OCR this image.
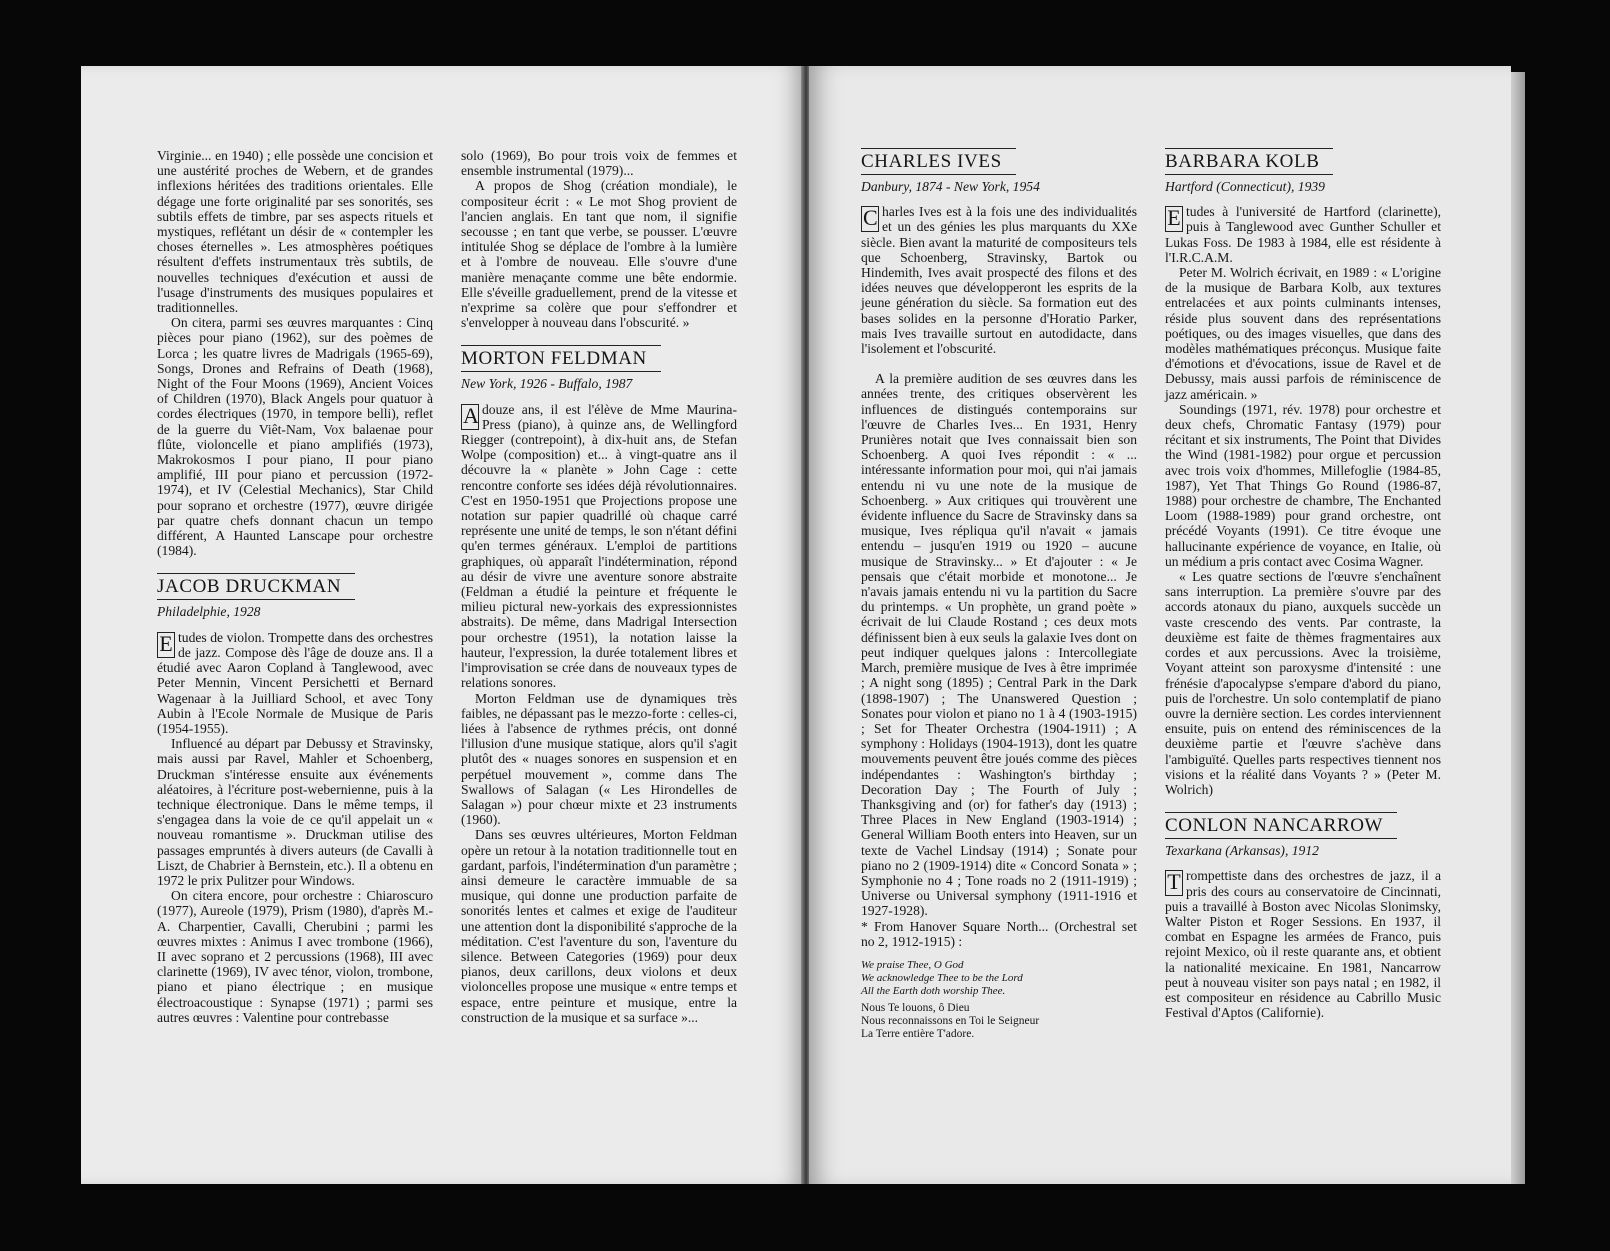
Virginie... en 1940) ; elle possède une concision et une austérité proches de Webern, et de grandes inflexions héritées des traditions orientales. Elle dégage une forte originalité par ses sonorités, ses subtils effets de timbre, par ses aspects rituels et mystiques, reflétant un désir de « contempler les choses éternelles ». Les atmosphères poétiques résultent d'effets instrumentaux très subtils, de nouvelles techniques d'exécution et aussi de l'usage d'instruments des musiques populaires et traditionnelles.

On citera, parmi ses œuvres marquantes : Cinq pièces pour piano (1962), sur des poèmes de Lorca ; les quatre livres de Madrigals (1965-69), Songs, Drones and Refrains of Death (1968), Night of the Four Moons (1969), Ancient Voices of Children (1970), Black Angels pour quatuor à cordes électriques (1970, in tempore belli), reflet de la guerre du Viêt-Nam, Vox balaenae pour flûte, violoncelle et piano amplifiés (1973), Makrokosmos I pour piano, II pour piano amplifié, III pour piano et percussion (1972-1974), et IV (Celestial Mechanics), Star Child pour soprano et orchestre (1977), œuvre dirigée par quatre chefs donnant chacun un tempo différent, A Haunted Lanscape pour orchestre (1984).

JACOB DRUCKMAN
Philadelphie, 1928
E tudes de violon. Trompette dans des orchestres de jazz. Compose dès l'âge de douze ans. Il a étudié avec Aaron Copland à Tanglewood, avec Peter Mennin, Vincent Persichetti et Bernard Wagenaar à la Juilliard School, et avec Tony Aubin à l'Ecole Normale de Musique de Paris (1954-1955).

Influencé au départ par Debussy et Stravinsky, mais aussi par Ravel, Mahler et Schoenberg, Druckman s'intéresse ensuite aux événements aléatoires, à l'écriture post-webernienne, puis à la technique électronique. Dans le même temps, il s'engagea dans la voie de ce qu'il appelait un « nouveau romantisme ». Druckman utilise des passages empruntés à divers auteurs (de Cavalli à Liszt, de Chabrier à Bernstein, etc.). Il a obtenu en 1972 le prix Pulitzer pour Windows.

On citera encore, pour orchestre : Chiaroscuro (1977), Aureole (1979), Prism (1980), d'après M.-A. Charpentier, Cavalli, Cherubini ; parmi les œuvres mixtes : Animus I avec trombone (1966), II avec soprano et 2 percussions (1968), III avec clarinette (1969), IV avec ténor, violon, trombone, piano et piano électrique ; en musique électroacoustique : Synapse (1971) ; parmi ses autres œuvres : Valentine pour contrebasse

solo (1969), Bo pour trois voix de femmes et ensemble instrumental (1979)...

A propos de Shog (création mondiale), le compositeur écrit : « Le mot Shog provient de l'ancien anglais. En tant que nom, il signifie secousse ; en tant que verbe, se pousser. L'œuvre intitulée Shog se déplace de l'ombre à la lumière et à l'ombre de nouveau. Elle s'ouvre d'une manière menaçante comme une bête endormie. Elle s'éveille graduellement, prend de la vitesse et n'exprime sa colère que pour s'effondrer et s'envelopper à nouveau dans l'obscurité. »

MORTON FELDMAN
New York, 1926 - Buffalo, 1987
A douze ans, il est l'élève de Mme Maurina-Press (piano), à quinze ans, de Wellingford Riegger (contrepoint), à dix-huit ans, de Stefan Wolpe (composition) et... à vingt-quatre ans il découvre la « planète » John Cage : cette rencontre conforte ses idées déjà révolutionnaires. C'est en 1950-1951 que Projections propose une notation sur papier quadrillé où chaque carré représente une unité de temps, le son n'étant défini qu'en termes généraux. L'emploi de partitions graphiques, où apparaît l'indétermination, répond au désir de vivre une aventure sonore abstraite (Feldman a étudié la peinture et fréquente le milieu pictural new-yorkais des expressionnistes abstraits). De même, dans Madrigal Intersection pour orchestre (1951), la notation laisse la hauteur, l'expression, la durée totalement libres et l'improvisation se crée dans de nouveaux types de relations sonores.

Morton Feldman use de dynamiques très faibles, ne dépassant pas le mezzo-forte : celles-ci, liées à l'absence de rythmes précis, ont donné l'illusion d'une musique statique, alors qu'il s'agit plutôt des « nuages sonores en suspension et en perpétuel mouvement », comme dans The Swallows of Salagan (« Les Hirondelles de Salagan ») pour chœur mixte et 23 instruments (1960).

Dans ses œuvres ultérieures, Morton Feldman opère un retour à la notation traditionnelle tout en gardant, parfois, l'indétermination d'un paramètre ; ainsi demeure le caractère immuable de sa musique, qui donne une production parfaite de sonorités lentes et calmes et exige de l'auditeur une attention dont la disponibilité s'approche de la méditation. C'est l'aventure du son, l'aventure du silence. Between Categories (1969) pour deux pianos, deux carillons, deux violons et deux violoncelles propose une musique « entre temps et espace, entre peinture et musique, entre la construction de la musique et sa surface »...

CHARLES IVES
Danbury, 1874 - New York, 1954
C harles Ives est à la fois une des individualités et un des génies les plus marquants du XXe siècle. Bien avant la maturité de compositeurs tels que Schoenberg, Stravinsky, Bartok ou Hindemith, Ives avait prospecté des filons et des idées neuves que développeront les esprits de la jeune génération du siècle. Sa formation eut des bases solides en la personne d'Horatio Parker, mais Ives travaille surtout en autodidacte, dans l'isolement et l'obscurité.

A la première audition de ses œuvres dans les années trente, des critiques observèrent les influences de distingués contemporains sur l'œuvre de Charles Ives... En 1931, Henry Prunières notait que Ives connaissait bien son Schoenberg. A quoi Ives répondit : « ... intéressante information pour moi, qui n'ai jamais entendu ni vu une note de la musique de Schoenberg. » Aux critiques qui trouvèrent une évidente influence du Sacre de Stravinsky dans sa musique, Ives répliqua qu'il n'avait « jamais entendu – jusqu'en 1919 ou 1920 – aucune musique de Stravinsky... » Et d'ajouter : « Je pensais que c'était morbide et monotone... Je n'avais jamais entendu ni vu la partition du Sacre du printemps. « Un prophète, un grand poète » écrivait de lui Claude Rostand ; ces deux mots définissent bien à eux seuls la galaxie Ives dont on peut indiquer quelques jalons : Intercollegiate March, première musique de Ives à être imprimée ; A night song (1895) ; Central Park in the Dark (1898-1907) ; The Unanswered Question ; Sonates pour violon et piano no 1 à 4 (1903-1915) ; Set for Theater Orchestra (1904-1911) ; A symphony : Holidays (1904-1913), dont les quatre mouvements peuvent être joués comme des pièces indépendantes : Washington's birthday ; Decoration Day ; The Fourth of July ; Thanksgiving and (or) for father's day (1913) ; Three Places in New England (1903-1914) ; General William Booth enters into Heaven, sur un texte de Vachel Lindsay (1914) ; Sonate pour piano no 2 (1909-1914) dite « Concord Sonata » ; Symphonie no 4 ; Tone roads no 2 (1911-1919) ; Universe ou Universal symphony (1911-1916 et 1927-1928).

* From Hanover Square North... (Orchestral set no 2, 1912-1915) :

We praise Thee, O God
We acknowledge Thee to be the Lord
All the Earth doth worship Thee.
Nous Te louons, ô Dieu
Nous reconnaissons en Toi le Seigneur
La Terre entière T'adore.
BARBARA KOLB
Hartford (Connecticut), 1939
E tudes à l'université de Hartford (clarinette), puis à Tanglewood avec Gunther Schuller et Lukas Foss. De 1983 à 1984, elle est résidente à l'I.R.C.A.M.

Peter M. Wolrich écrivait, en 1989 : « L'origine de la musique de Barbara Kolb, aux textures entrelacées et aux points culminants intenses, réside plus souvent dans des représentations poétiques, ou des images visuelles, que dans des modèles mathématiques préconçus. Musique faite d'émotions et d'évocations, issue de Ravel et de Debussy, mais aussi parfois de réminiscence de jazz américain. »

Soundings (1971, rév. 1978) pour orchestre et deux chefs, Chromatic Fantasy (1979) pour récitant et six instruments, The Point that Divides the Wind (1981-1982) pour orgue et percussion avec trois voix d'hommes, Millefoglie (1984-85, 1987), Yet That Things Go Round (1986-87, 1988) pour orchestre de chambre, The Enchanted Loom (1988-1989) pour grand orchestre, ont précédé Voyants (1991). Ce titre évoque une hallucinante expérience de voyance, en Italie, où un médium a pris contact avec Cosima Wagner.

« Les quatre sections de l'œuvre s'enchaînent sans interruption. La première s'ouvre par des accords atonaux du piano, auxquels succède un vaste crescendo des vents. Par contraste, la deuxième est faite de thèmes fragmentaires aux cordes et aux percussions. Avec la troisième, Voyant atteint son paroxysme d'intensité : une frénésie d'apocalypse s'empare d'abord du piano, puis de l'orchestre. Un solo contemplatif de piano ouvre la dernière section. Les cordes interviennent ensuite, puis on entend des réminiscences de la deuxième partie et l'œuvre s'achève dans l'ambiguïté. Quelles parts respectives tiennent nos visions et la réalité dans Voyants ? » (Peter M. Wolrich)

CONLON NANCARROW
Texarkana (Arkansas), 1912
T rompettiste dans des orchestres de jazz, il a pris des cours au conservatoire de Cincinnati, puis a travaillé à Boston avec Nicolas Slonimsky, Walter Piston et Roger Sessions. En 1937, il combat en Espagne les armées de Franco, puis rejoint Mexico, où il reste quarante ans, et obtient la nationalité mexicaine. En 1981, Nancarrow peut à nouveau visiter son pays natal ; en 1982, il est compositeur en résidence au Cabrillo Music Festival d'Aptos (Californie).
